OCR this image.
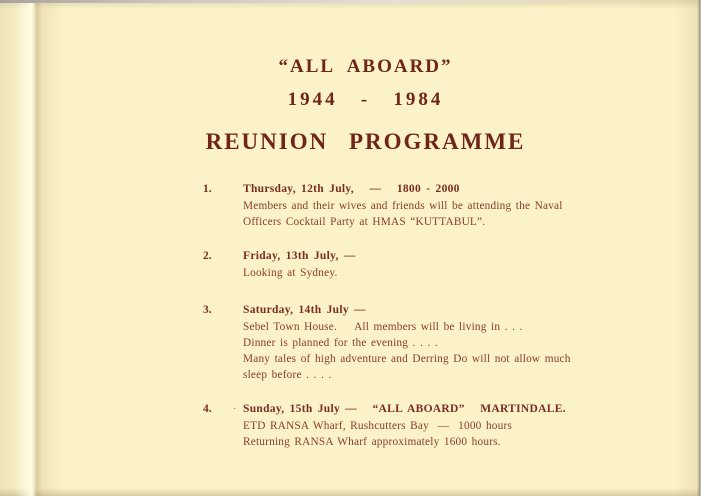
“ALL ABOARD”
1944   -   1984
REUNION PROGRAMME
1.	Thursday, 12th July,   —   1800 - 2000
Members and their wives and friends will be attending the Naval
Officers Cocktail Party at HMAS “KUTTABUL”.
2.	Friday, 13th July, —
Looking at Sydney.
3.	Saturday, 14th July —
Sebel Town House.    All members will be living in . . .
Dinner is planned for the evening . . . .
Many tales of high adventure and Derring Do will not allow much
sleep before . . . .
4. · Sunday, 15th July —   “ALL ABOARD”   MARTINDALE.
ETD RANSA Wharf, Rushcutters Bay  —  1000 hours
Returning RANSA Wharf approximately 1600 hours.
